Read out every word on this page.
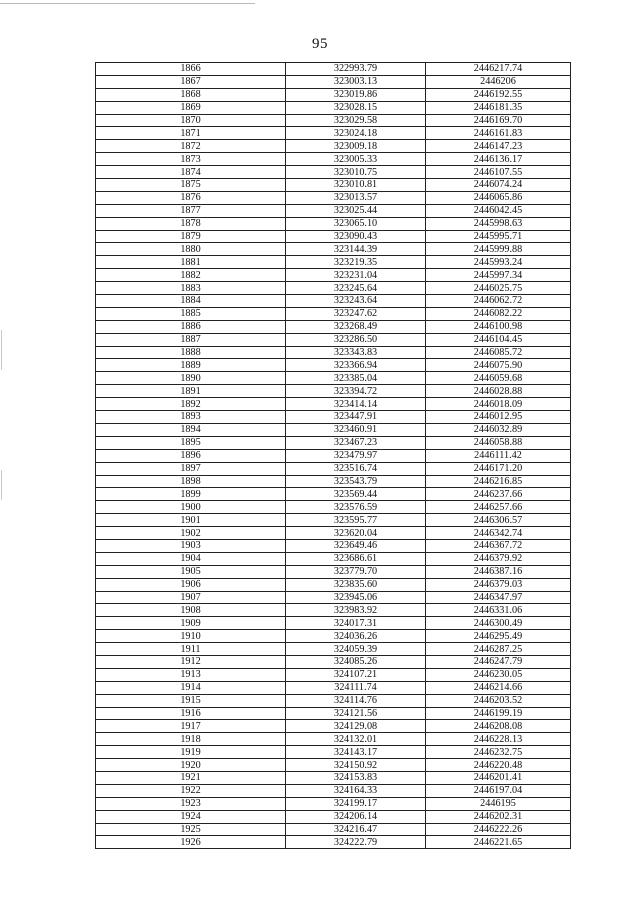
95
1866	322993.79	2446217.74
1867	323003.13	2446206
1868	323019.86	2446192.55
1869	323028.15	2446181.35
1870	323029.58	2446169.70
1871	323024.18	2446161.83
1872	323009.18	2446147.23
1873	323005.33	2446136.17
1874	323010.75	2446107.55
1875	323010.81	2446074.24
1876	323013.57	2446065.86
1877	323025.44	2446042.45
1878	323065.10	2445998.63
1879	323090.43	2445995.71
1880	323144.39	2445999.88
1881	323219.35	2445993.24
1882	323231.04	2445997.34
1883	323245.64	2446025.75
1884	323243.64	2446062.72
1885	323247.62	2446082.22
1886	323268.49	2446100.98
1887	323286.50	2446104.45
1888	323343.83	2446085.72
1889	323366.94	2446075.90
1890	323385.04	2446059.68
1891	323394.72	2446028.88
1892	323414.14	2446018.09
1893	323447.91	2446012.95
1894	323460.91	2446032.89
1895	323467.23	2446058.88
1896	323479.97	2446111.42
1897	323516.74	2446171.20
1898	323543.79	2446216.85
1899	323569.44	2446237.66
1900	323576.59	2446257.66
1901	323595.77	2446306.57
1902	323620.04	2446342.74
1903	323649.46	2446367.72
1904	323686.61	2446379.92
1905	323779.70	2446387.16
1906	323835.60	2446379.03
1907	323945.06	2446347.97
1908	323983.92	2446331.06
1909	324017.31	2446300.49
1910	324036.26	2446295.49
1911	324059.39	2446287.25
1912	324085.26	2446247.79
1913	324107.21	2446230.05
1914	324111.74	2446214.66
1915	324114.76	2446203.52
1916	324121.56	2446199.19
1917	324129.08	2446208.08
1918	324132.01	2446228.13
1919	324143.17	2446232.75
1920	324150.92	2446220.48
1921	324153.83	2446201.41
1922	324164.33	2446197.04
1923	324199.17	2446195
1924	324206.14	2446202.31
1925	324216.47	2446222.26
1926	324222.79	2446221.65
